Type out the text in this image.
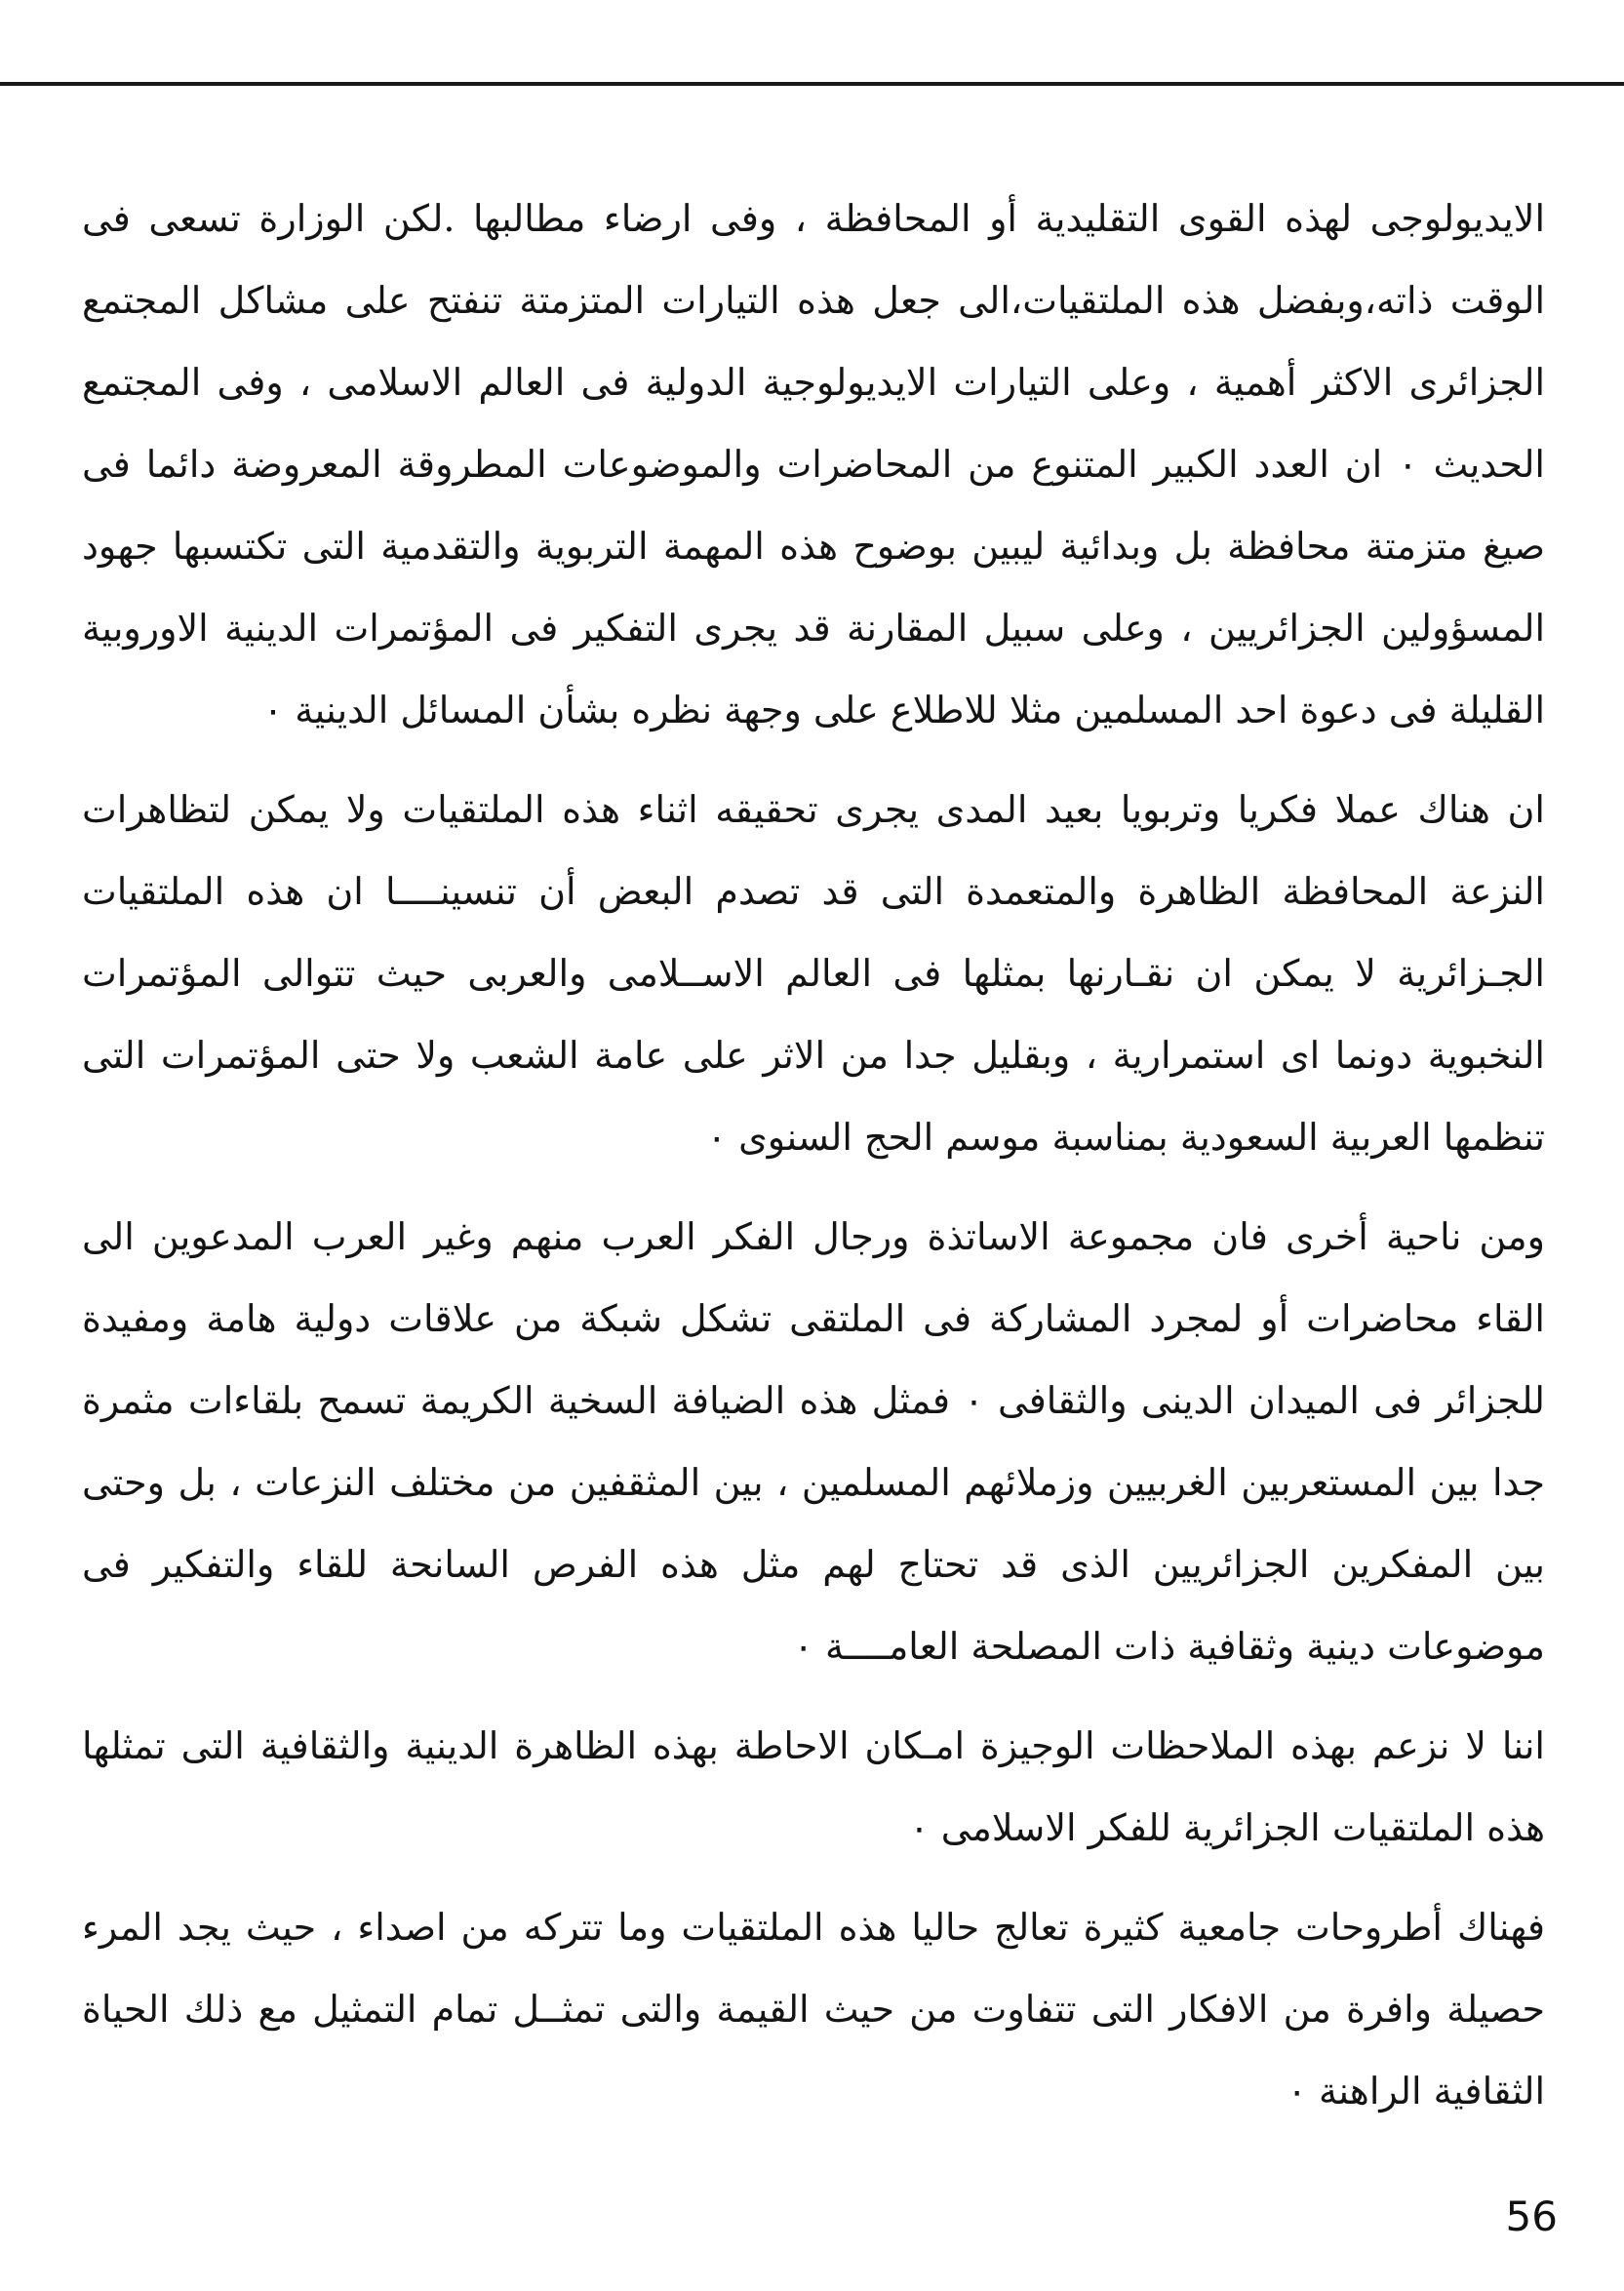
الايديولوجى لهذه القوى التقليدية أو المحافظة ، وفى ارضاء مطالبها .لكن الوزارة تسعى فى الوقت ذاته،وبفضل هذه الملتقيات،الى جعل هذه التيارات المتزمتة تنفتح على مشاكل المجتمع الجزائرى الاكثر أهمية ، وعلى التيارات الايديولوجية الدولية فى العالم الاسلامى ، وفى المجتمع الحديث ٠ ان العدد الكبير المتنوع من المحاضرات والموضوعات المطروقة المعروضة دائما فى صيغ متزمتة محافظة بل وبدائية ليبين بوضوح هذه المهمة التربوية والتقدمية التى تكتسبها جهود المسؤولين الجزائريين ، وعلى سبيل المقارنة قد يجرى التفكير فى المؤتمرات الدينية الاوروبية القليلة فى دعوة احد المسلمين مثلا للاطلاع على وجهة نظره بشأن المسائل الدينية ٠

ان هناك عملا فكريا وتربويا بعيد المدى يجرى تحقيقه اثناء هذه الملتقيات ولا يمكن لتظاهرات النزعة المحافظة الظاهرة والمتعمدة التى قد تصدم البعض أن تنسينــــا ان هذه الملتقيات الجـزائرية لا يمكن ان نقـارنها بمثلها فى العالم الاســلامى والعربى حيث تتوالى المؤتمرات النخبوية دونما اى استمرارية ، وبقليل جدا من الاثر على عامة الشعب ولا حتى المؤتمرات التى تنظمها العربية السعودية بمناسبة موسم الحج السنوى ٠

ومن ناحية أخرى فان مجموعة الاساتذة ورجال الفكر العرب منهم وغير العرب المدعوين الى القاء محاضرات أو لمجرد المشاركة فى الملتقى تشكل شبكة من علاقات دولية هامة ومفيدة للجزائر فى الميدان الدينى والثقافى ٠ فمثل هذه الضيافة السخية الكريمة تسمح بلقاءات مثمرة جدا بين المستعربين الغربيين وزملائهم المسلمين ، بين المثقفين من مختلف النزعات ، بل وحتى بين المفكرين الجزائريين الذى قد تحتاج لهم مثل هذه الفرص السانحة للقاء والتفكير فى موضوعات دينية وثقافية ذات المصلحة العامــــة ٠

اننا لا نزعم بهذه الملاحظات الوجيزة امـكان الاحاطة بهذه الظاهرة الدينية والثقافية التى تمثلها هذه الملتقيات الجزائرية للفكر الاسلامى ٠

فهناك أطروحات جامعية كثيرة تعالج حاليا هذه الملتقيات وما تتركه من اصداء ، حيث يجد المرء حصيلة وافرة من الافكار التى تتفاوت من حيث القيمة والتى تمثــل تمام التمثيل مع ذلك الحياة الثقافية الراهنة ٠

56
